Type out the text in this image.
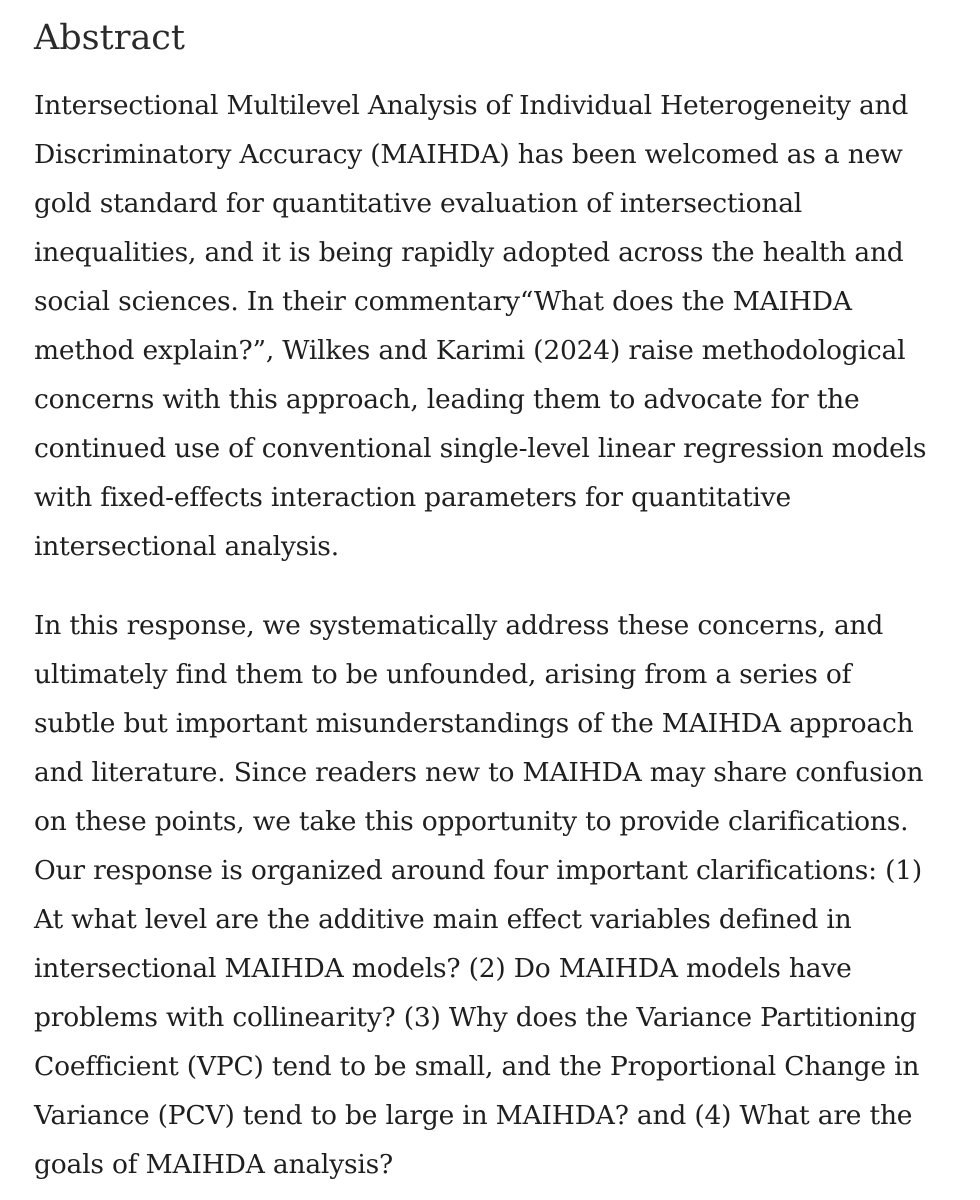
Abstract

Intersectional Multilevel Analysis of Individual Heterogeneity and
Discriminatory Accuracy (MAIHDA) has been welcomed as a new
gold standard for quantitative evaluation of intersectional
inequalities, and it is being rapidly adopted across the health and
social sciences. In their commentary“What does the MAIHDA
method explain?”, Wilkes and Karimi (2024) raise methodological
concerns with this approach, leading them to advocate for the
continued use of conventional single-level linear regression models
with fixed-effects interaction parameters for quantitative
intersectional analysis.

In this response, we systematically address these concerns, and
ultimately find them to be unfounded, arising from a series of
subtle but important misunderstandings of the MAIHDA approach
and literature. Since readers new to MAIHDA may share confusion
on these points, we take this opportunity to provide clarifications.
Our response is organized around four important clarifications: (1)
At what level are the additive main effect variables defined in
intersectional MAIHDA models? (2) Do MAIHDA models have
problems with collinearity? (3) Why does the Variance Partitioning
Coefficient (VPC) tend to be small, and the Proportional Change in
Variance (PCV) tend to be large in MAIHDA? and (4) What are the
goals of MAIHDA analysis?
